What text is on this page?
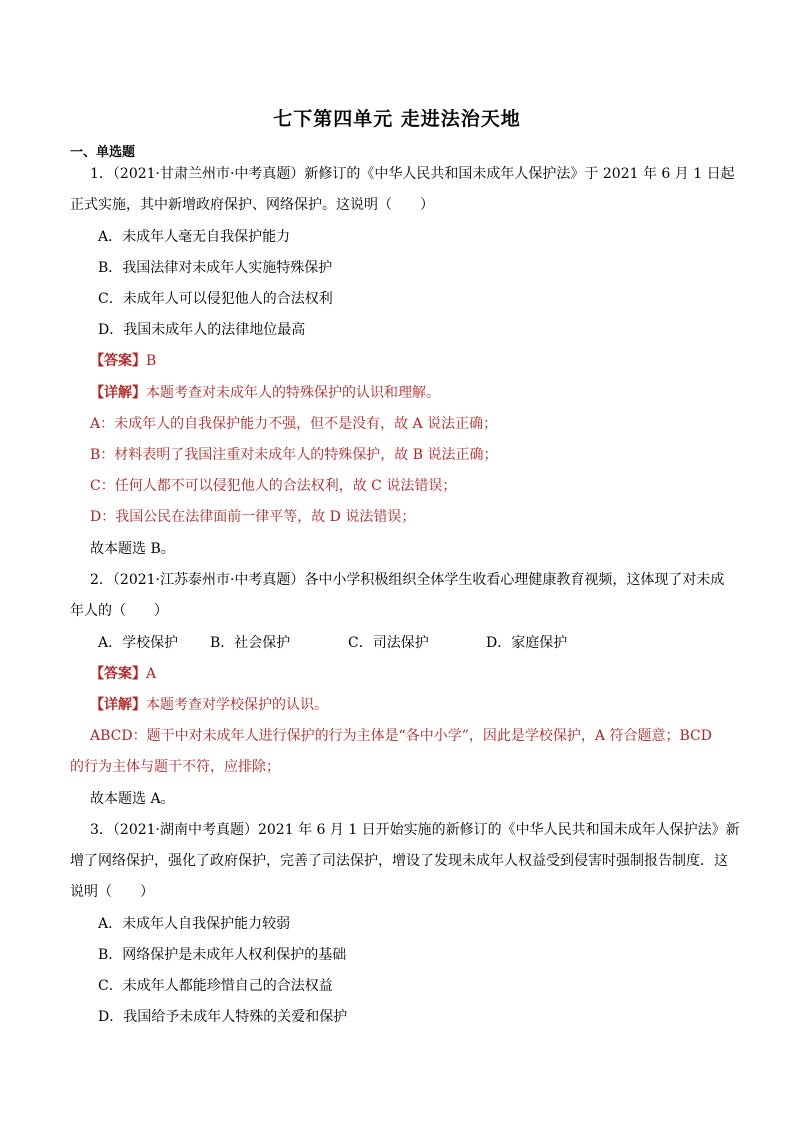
七下第四单元 走进法治天地
一、单选题
1．（2021·甘肃兰州市·中考真题）新修订的《中华人民共和国未成年人保护法》于 2021 年 6 月 1 日起
正式实施，其中新增政府保护、网络保护。这说明（　　）
A．未成年人毫无自我保护能力
B．我国法律对未成年人实施特殊保护
C．未成年人可以侵犯他人的合法权利
D．我国未成年人的法律地位最高
【答案】B
【详解】本题考查对未成年人的特殊保护的认识和理解。
A：未成年人的自我保护能力不强，但不是没有，故 A 说法正确；
B：材料表明了我国注重对未成年人的特殊保护，故 B 说法正确；
C：任何人都不可以侵犯他人的合法权利，故 C 说法错误；
D：我国公民在法律面前一律平等，故 D 说法错误；
故本题选 B。
2．（2021·江苏泰州市·中考真题）各中小学积极组织全体学生收看心理健康教育视频，这体现了对未成
年人的（　　）
A．学校保护 B．社会保护	C．司法保护	D．家庭保护
【答案】A
【详解】本题考查对学校保护的认识。
ABCD：题干中对未成年人进行保护的行为主体是“各中小学”，因此是学校保护，A 符合题意；BCD
的行为主体与题干不符，应排除；
故本题选 A。
3．（2021·湖南中考真题）2021 年 6 月 1 日开始实施的新修订的《中华人民共和国未成年人保护法》新
增了网络保护，强化了政府保护，完善了司法保护，增设了发现未成年人权益受到侵害时强制报告制度．这
说明（　　）
A．未成年人自我保护能力较弱
B．网络保护是未成年人权利保护的基础
C．未成年人都能珍惜自己的合法权益
D．我国给予未成年人特殊的关爱和保护
